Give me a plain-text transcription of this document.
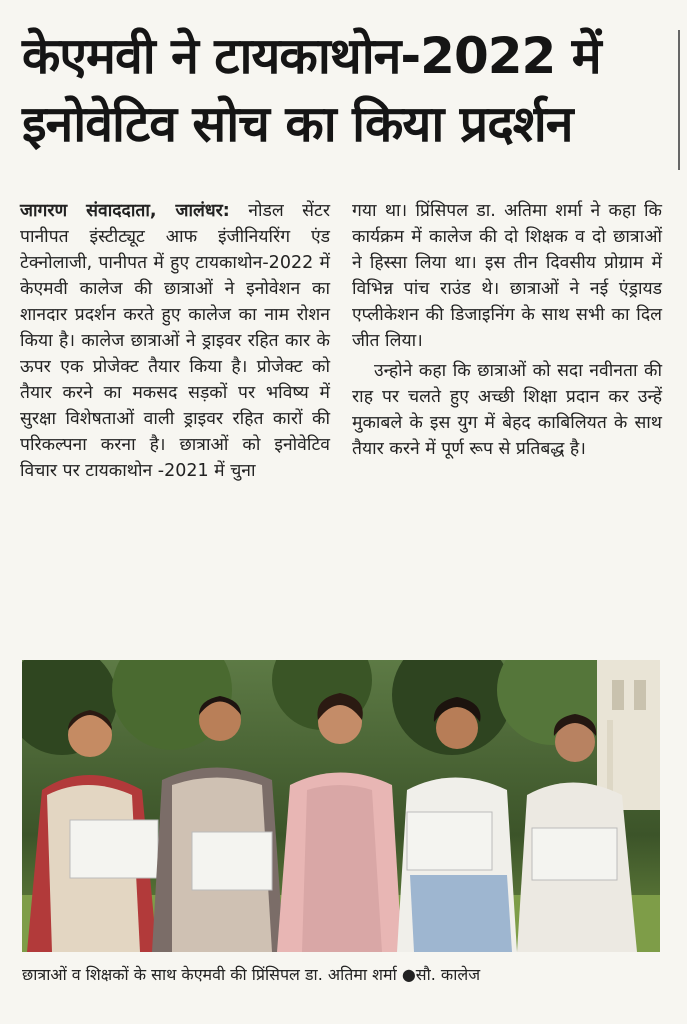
केएमवी ने टायकाथोन-2022 में
इनोवेटिव सोच का किया प्रदर्शन

जागरण संवाददाता, जालंधर: नोडल सेंटर पानीपत इंस्टीट्यूट आफ इंजीनियरिंग एंड टेक्नोलाजी, पानीपत में हुए टायकाथोन-2022 में केएमवी कालेज की छात्राओं ने इनोवेशन का शानदार प्रदर्शन करते हुए कालेज का नाम रोशन किया है। कालेज छात्राओं ने ड्राइवर रहित कार के ऊपर एक प्रोजेक्ट तैयार किया है। प्रोजेक्ट को तैयार करने का मकसद सड़कों पर भविष्य में सुरक्षा विशेषताओं वाली ड्राइवर रहित कारों की परिकल्पना करना है। छात्राओं को इनोवेटिव विचार पर टायकाथोन -2021 में चुना

गया था। प्रिंसिपल डा. अतिमा शर्मा ने कहा कि कार्यक्रम में कालेज की दो शिक्षक व दो छात्राओं ने हिस्सा लिया था। इस तीन दिवसीय प्रोग्राम में विभिन्न पांच राउंड थे। छात्राओं ने नई एंड्रायड एप्लीकेशन की डिजाइनिंग के साथ सभी का दिल जीत लिया।

उन्होने कहा कि छात्राओं को सदा नवीनता की राह पर चलते हुए अच्छी शिक्षा प्रदान कर उन्हें मुकाबले के इस युग में बेहद काबिलियत के साथ तैयार करने में पूर्ण रूप से प्रतिबद्ध है।

छात्राओं व शिक्षकों के साथ केएमवी की प्रिंसिपल डा. अतिमा शर्मा ●सौ. कालेज
